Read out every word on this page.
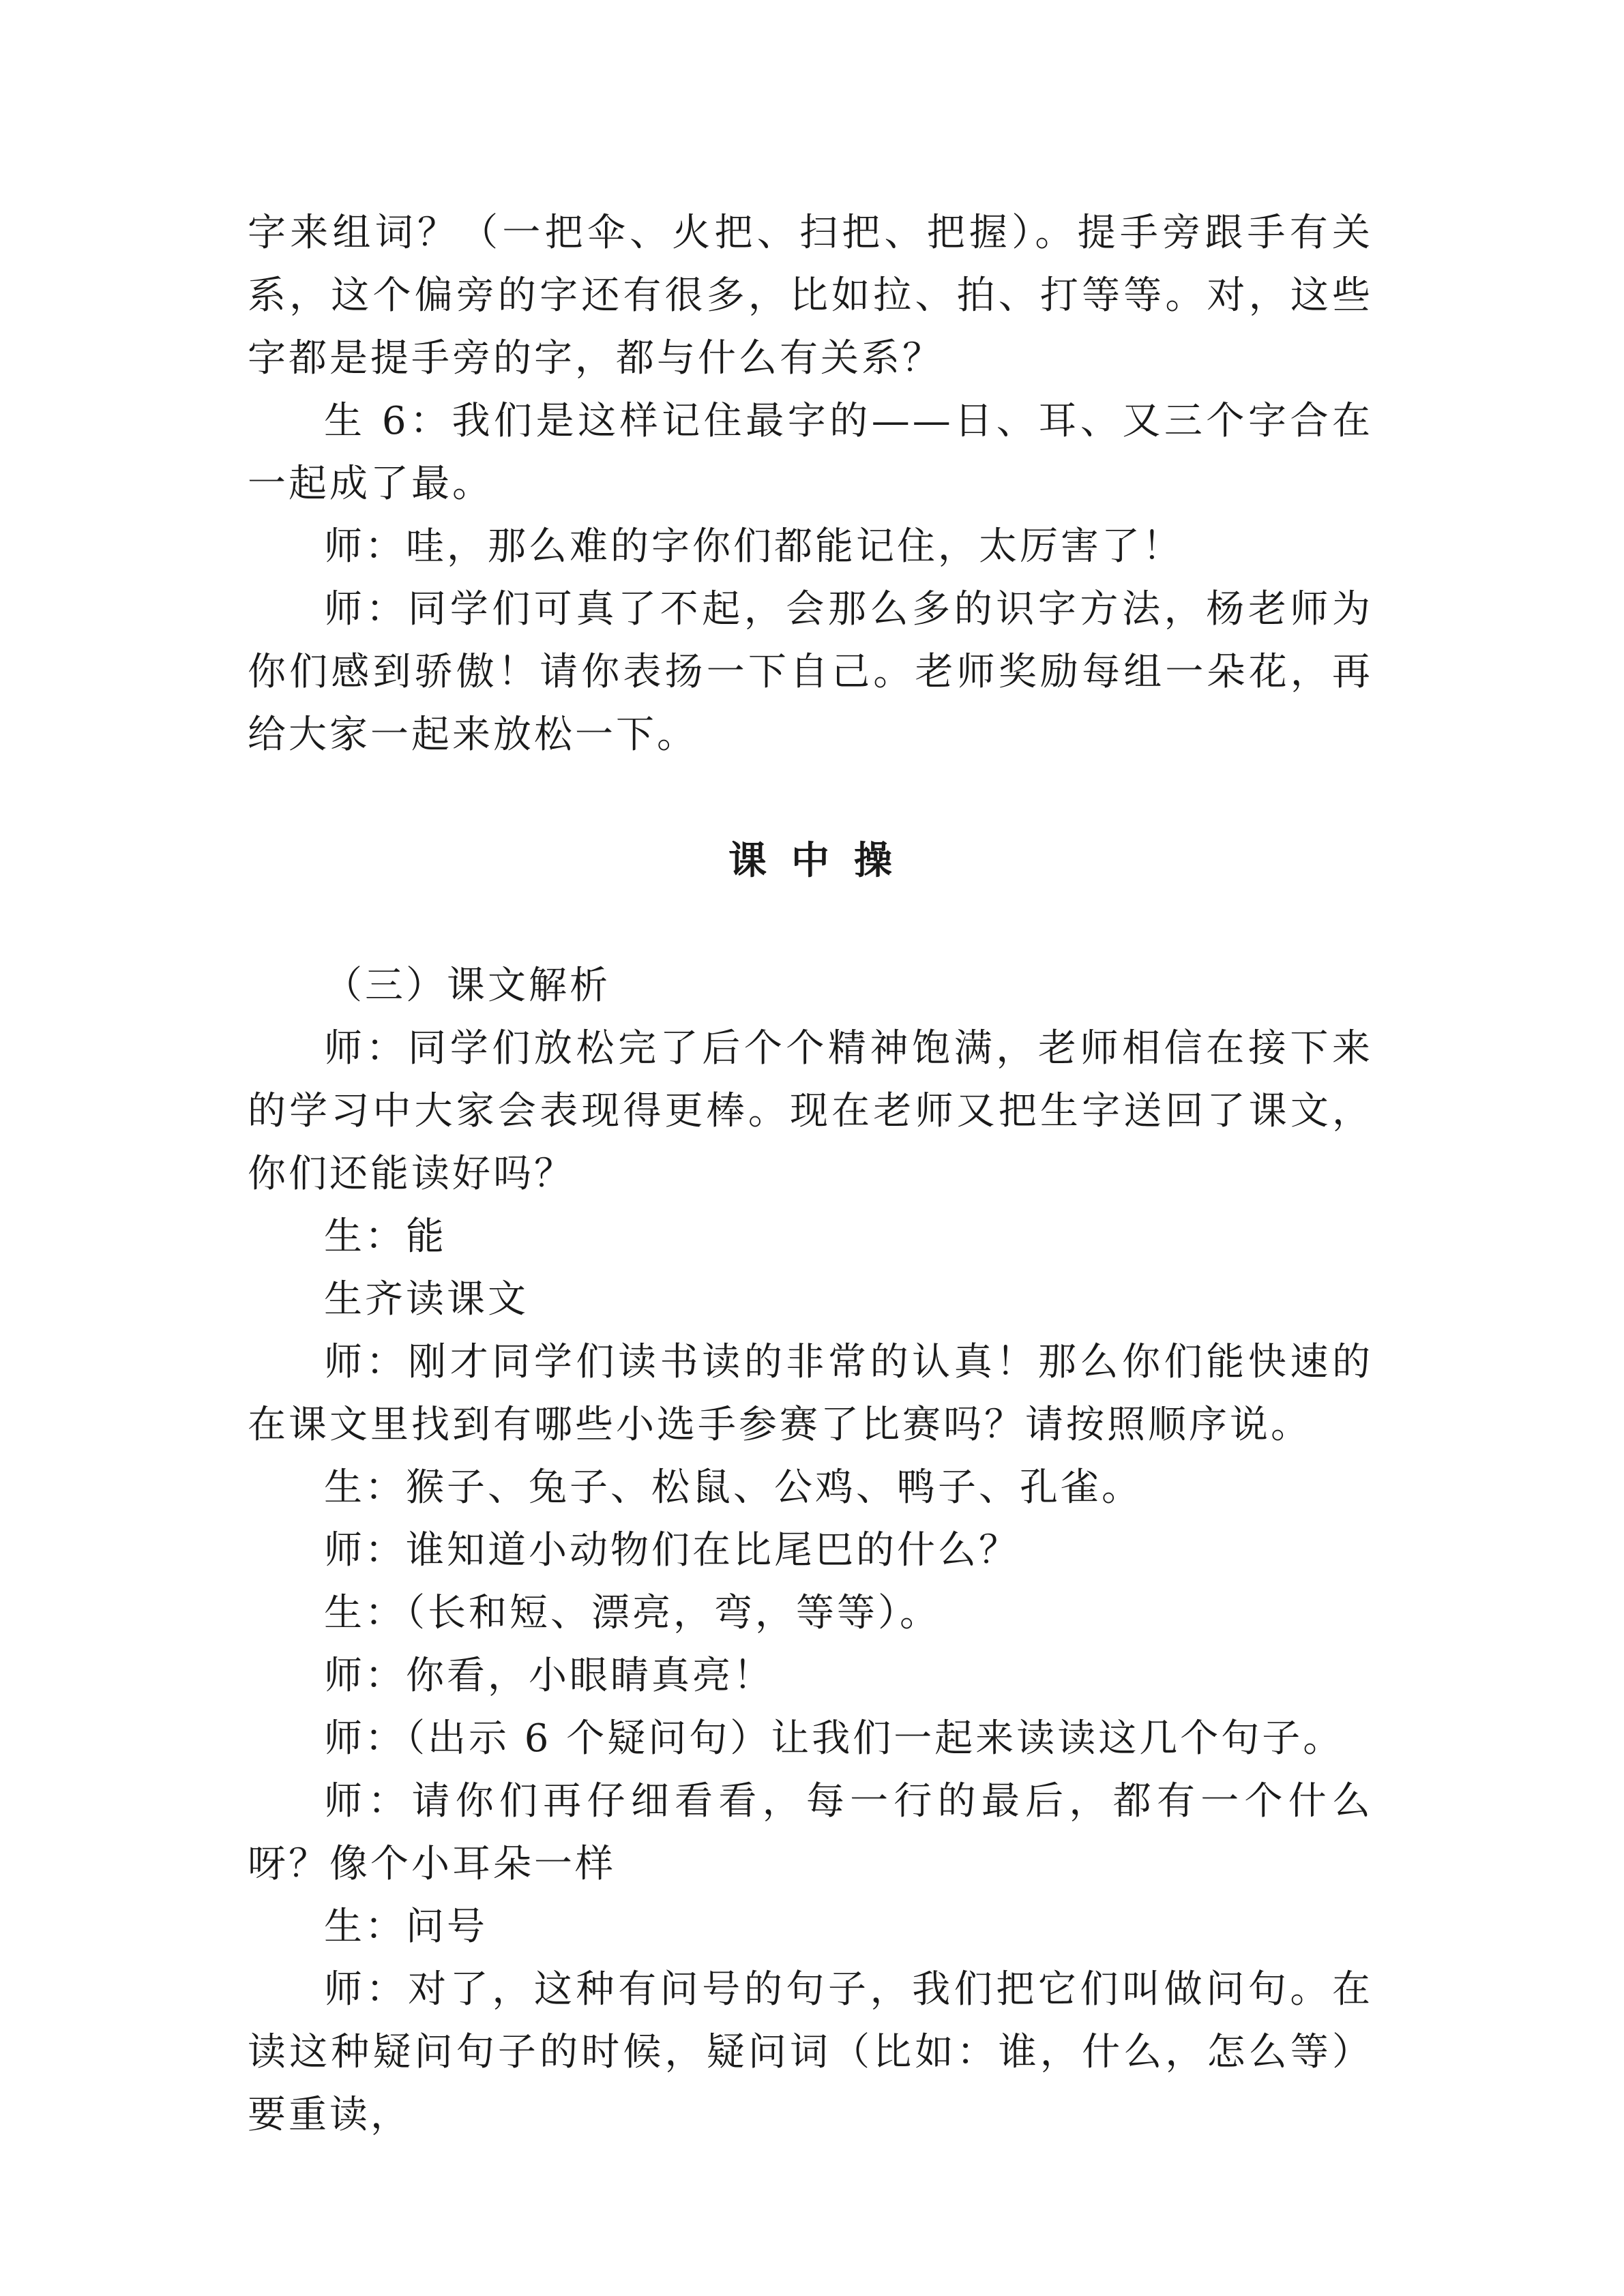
字来组词？（一把伞、火把、扫把、把握）。提手旁跟手有关系，这个偏旁的字还有很多，比如拉、拍、打等等。对，这些字都是提手旁的字，都与什么有关系？

生 6：我们是这样记住最字的——日、耳、又三个字合在一起成了最。

师：哇，那么难的字你们都能记住，太厉害了！

师：同学们可真了不起，会那么多的识字方法，杨老师为你们感到骄傲！请你表扬一下自己。老师奖励每组一朵花，再给大家一起来放松一下。

课中操

（三）课文解析

师：同学们放松完了后个个精神饱满，老师相信在接下来的学习中大家会表现得更棒。现在老师又把生字送回了课文，你们还能读好吗？

生：能

生齐读课文

师：刚才同学们读书读的非常的认真！那么你们能快速的在课文里找到有哪些小选手参赛了比赛吗？请按照顺序说。

生：猴子、兔子、松鼠、公鸡、鸭子、孔雀。

师：谁知道小动物们在比尾巴的什么？

生：（长和短、漂亮，弯，等等）。

师：你看，小眼睛真亮！

师：（出示 6 个疑问句）让我们一起来读读这几个句子。

师：请你们再仔细看看，每一行的最后，都有一个什么呀？像个小耳朵一样

生：问号

师：对了，这种有问号的句子，我们把它们叫做问句。在读这种疑问句子的时候，疑问词（比如：谁，什么，怎么等）要重读，
